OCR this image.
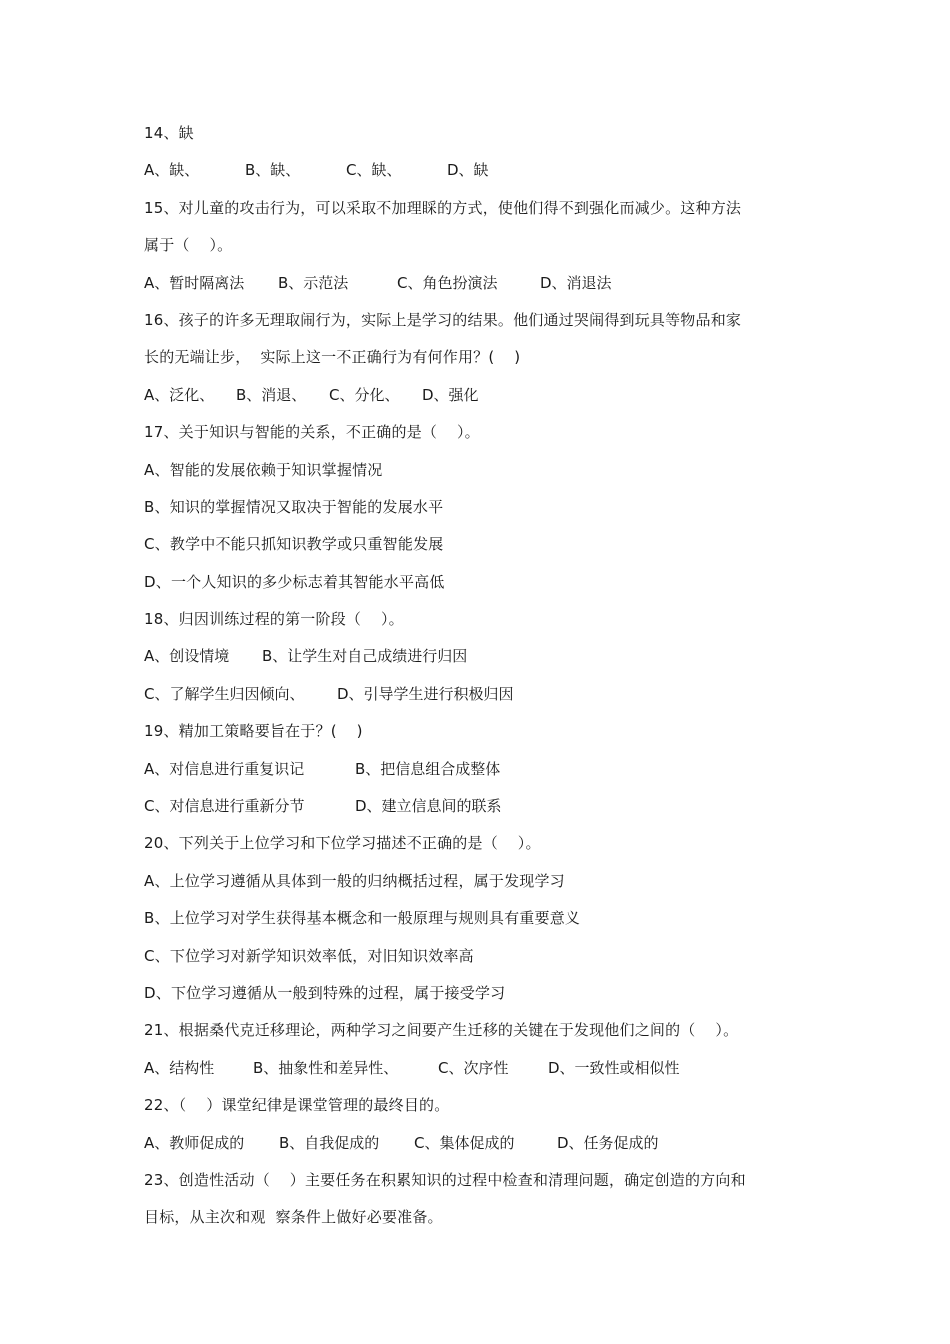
14、缺
A、缺、	B、缺、	C、缺、	D、缺
15、对儿童的攻击行为，可以采取不加理睬的方式，使他们得不到强化而减少。这种方法
属于（    ）。
A、暂时隔离法	B、示范法	C、角色扮演法	D、消退法
16、孩子的许多无理取闹行为，实际上是学习的结果。他们通过哭闹得到玩具等物品和家
长的无端让步，  实际上这一不正确行为有何作用？(    )
A、泛化、	B、消退、	C、分化、	D、强化
17、关于知识与智能的关系，不正确的是（    ）。
A、智能的发展依赖于知识掌握情况
B、知识的掌握情况又取决于智能的发展水平
C、教学中不能只抓知识教学或只重智能发展
D、一个人知识的多少标志着其智能水平高低
18、归因训练过程的第一阶段（    ）。
A、创设情境	B、让学生对自己成绩进行归因
C、了解学生归因倾向、	D、引导学生进行积极归因
19、精加工策略要旨在于？(    )
A、对信息进行重复识记	B、把信息组合成整体
C、对信息进行重新分节	D、建立信息间的联系
20、下列关于上位学习和下位学习描述不正确的是（    ）。
A、上位学习遵循从具体到一般的归纳概括过程，属于发现学习
B、上位学习对学生获得基本概念和一般原理与规则具有重要意义
C、下位学习对新学知识效率低，对旧知识效率高
D、下位学习遵循从一般到特殊的过程，属于接受学习
21、根据桑代克迁移理论，两种学习之间要产生迁移的关键在于发现他们之间的（    ）。
A、结构性	B、抽象性和差异性、	C、次序性	D、一致性或相似性
22、（    ）课堂纪律是课堂管理的最终目的。
A、教师促成的	B、自我促成的	C、集体促成的	D、任务促成的
23、创造性活动（    ）主要任务在积累知识的过程中检查和清理问题，确定创造的方向和
目标，从主次和观  察条件上做好必要准备。
